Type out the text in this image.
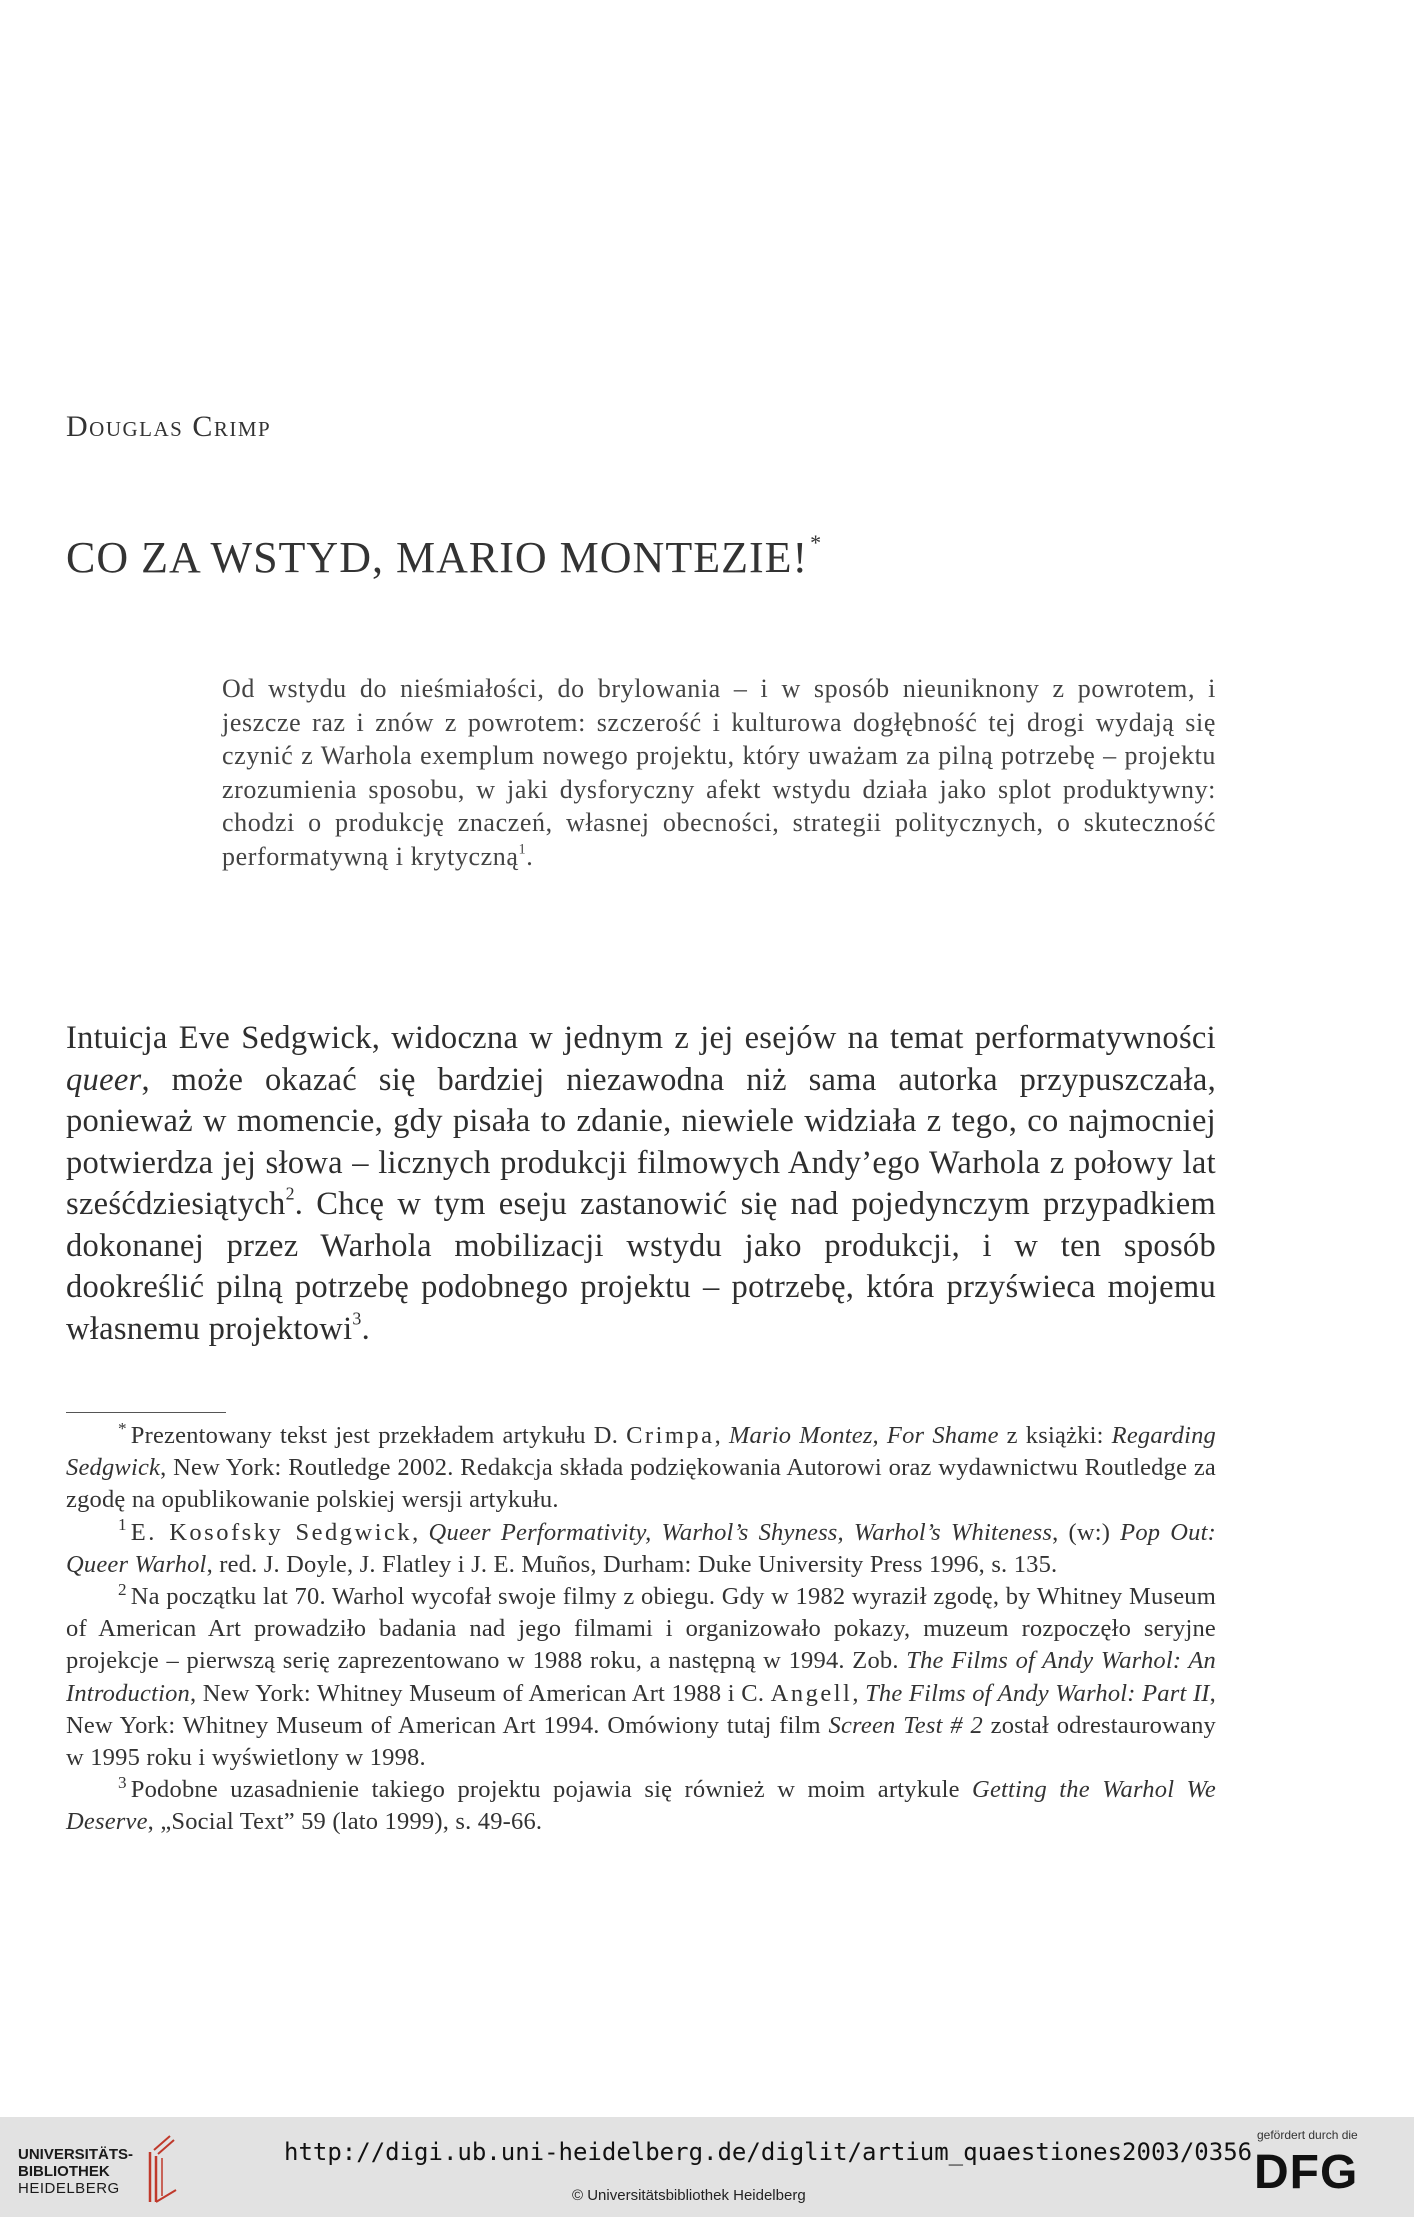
Douglas Crimp
CO ZA WSTYD, MARIO MONTEZIE!*

Od wstydu do nieśmiałości, do brylowania – i w sposób nieuniknony z powrotem, i jeszcze raz i znów z powrotem: szczerość i kulturowa dogłębność tej drogi wydają się czynić z Warhola exemplum nowego projektu, który uważam za pilną potrzebę – projektu zrozumienia sposobu, w jaki dysforyczny afekt wstydu działa jako splot produktywny: chodzi o produkcję znaczeń, własnej obecności, strategii politycznych, o skuteczność performatywną i krytyczną$^1$.

Intuicja Eve Sedgwick, widoczna w jednym z jej esejów na temat performatywności queer, może okazać się bardziej niezawodna niż sama autorka przypuszczała, ponieważ w momencie, gdy pisała to zdanie, niewiele widziała z tego, co najmocniej potwierdza jej słowa – licznych produkcji filmowych Andy’ego Warhola z połowy lat sześćdziesiątych$^2$. Chcę w tym eseju zastanowić się nad pojedynczym przypadkiem dokonanej przez Warhola mobilizacji wstydu jako produkcji, i w ten sposób dookreślić pilną potrzebę podobnego projektu – potrzebę, która przyświeca mojemu własnemu projektowi$^3$.

* Prezentowany tekst jest przekładem artykułu D. Crimpa, Mario Montez, For Shame z książki: Regarding Sedgwick, New York: Routledge 2002. Redakcja składa podziękowania Autorowi oraz wydawnictwu Routledge za zgodę na opublikowanie polskiej wersji artykułu.

$^1$ E. Kosofsky Sedgwick, Queer Performativity, Warhol’s Shyness, Warhol’s Whiteness, (w:) Pop Out: Queer Warhol, red. J. Doyle, J. Flatley i J. E. Muños, Durham: Duke University Press 1996, s. 135.

$^2$ Na początku lat 70. Warhol wycofał swoje filmy z obiegu. Gdy w 1982 wyraził zgodę, by Whitney Museum of American Art prowadziło badania nad jego filmami i organizowało pokazy, muzeum rozpoczęło seryjne projekcje – pierwszą serię zaprezentowano w 1988 roku, a następną w 1994. Zob. The Films of Andy Warhol: An Introduction, New York: Whitney Museum of American Art 1988 i C. Angell, The Films of Andy Warhol: Part II, New York: Whitney Museum of American Art 1994. Omówiony tutaj film Screen Test # 2 został odrestaurowany w 1995 roku i wyświetlony w 1998.

$^3$ Podobne uzasadnienie takiego projektu pojawia się również w moim artykule Getting the Warhol We Deserve, „Social Text” 59 (lato 1999), s. 49-66.

UNIVERSITÄTS-
BIBLIOTHEK
HEIDELBERG
http://digi.ub.uni-heidelberg.de/diglit/artium_quaestiones2003/0356
© Universitätsbibliothek Heidelberg
gefördert durch die
DFG
